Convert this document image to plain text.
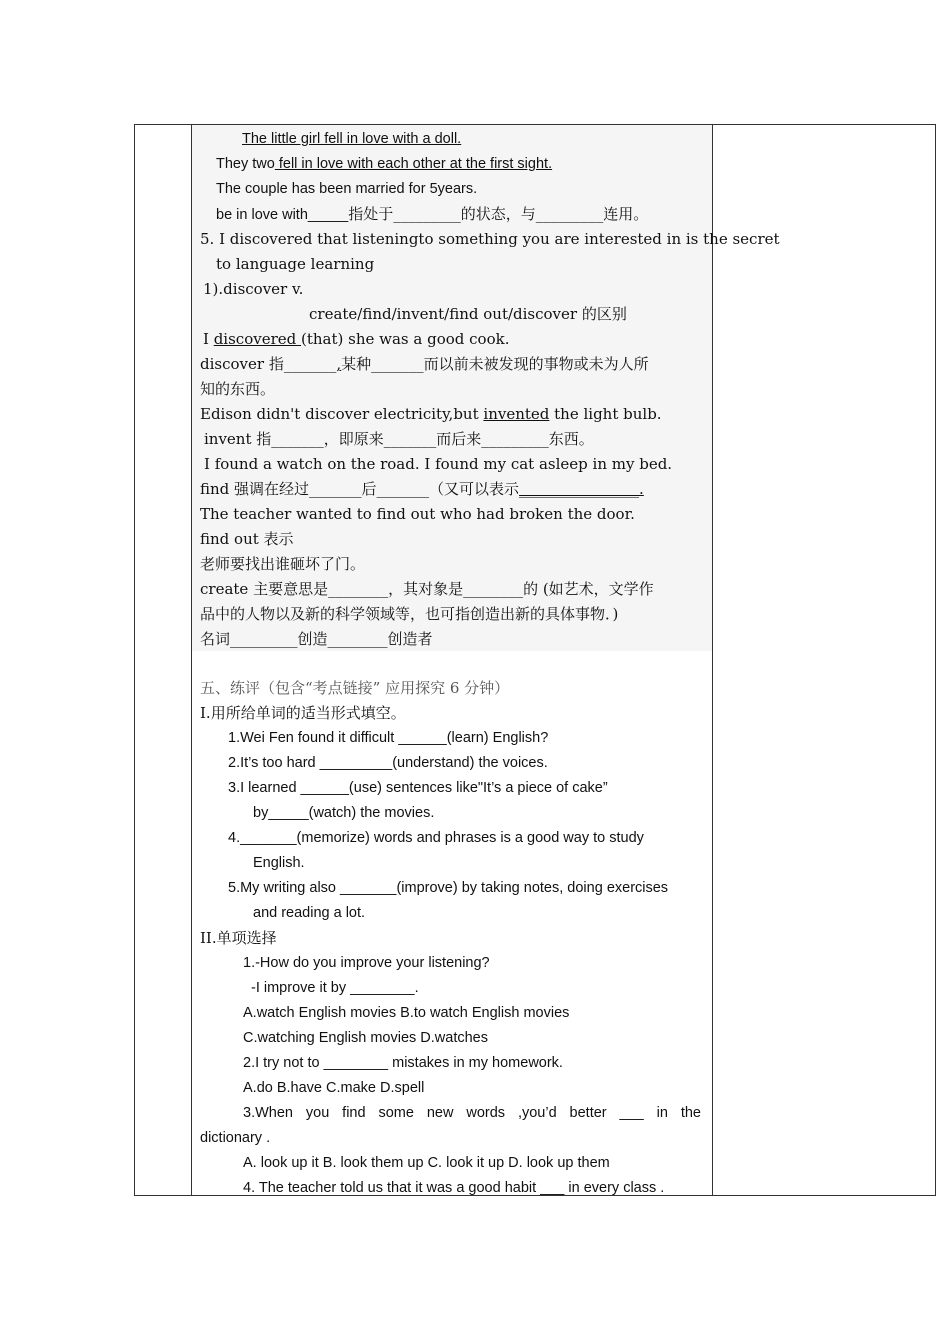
The little girl fell in love with a doll.
They two fell in love with each other at the first sight.
The couple has been married for 5years.
be in love with_____指处于_________的状态，与_________连用。
5. I discovered that listeningto something you are interested in is the secret
to language learning
1).discover v.
create/find/invent/find out/discover 的区别
I discovered (that) she was a good cook.
discover 指_______,某种_______而以前未被发现的事物或未为人所
知的东西。
Edison didn't discover electricity,but invented the light bulb.
invent 指_______，即原来_______而后来_________东西。
I found a watch on the road. I found my cat asleep in my bed.
find 强调在经过_______后_______（又可以表示________________.
The teacher wanted to find out who had broken the door.
find out 表示
老师要找出谁砸坏了门。
create 主要意思是________，其对象是________的 (如艺术，文学作
品中的人物以及新的科学领域等，也可指创造出新的具体事物．)
名词_________创造________创造者
五、练评（包含“考点链接” 应用探究 6 分钟）
I.用所给单词的适当形式填空。
1.Wei Fen found it difficult ______(learn) English?
2.It’s too hard _________(understand) the voices.
3.I learned ______(use) sentences like"It’s a piece of cake”
by_____(watch) the movies.
4._______(memorize) words and phrases is a good way to study
English.
5.My writing also _______(improve) by taking notes, doing exercises
and reading a lot.
II.单项选择
1.-How do you improve your listening?
-I improve it by ________.
A.watch English movies B.to watch English movies
C.watching English movies D.watches
2.I try not to ________ mistakes in my homework.
A.do B.have C.make D.spell
3.When you find some new words ,you’d better ___ in the
dictionary .
A. look up it B. look them up C. look it up D. look up them
4. The teacher told us that it was a good habit ___ in every class .
